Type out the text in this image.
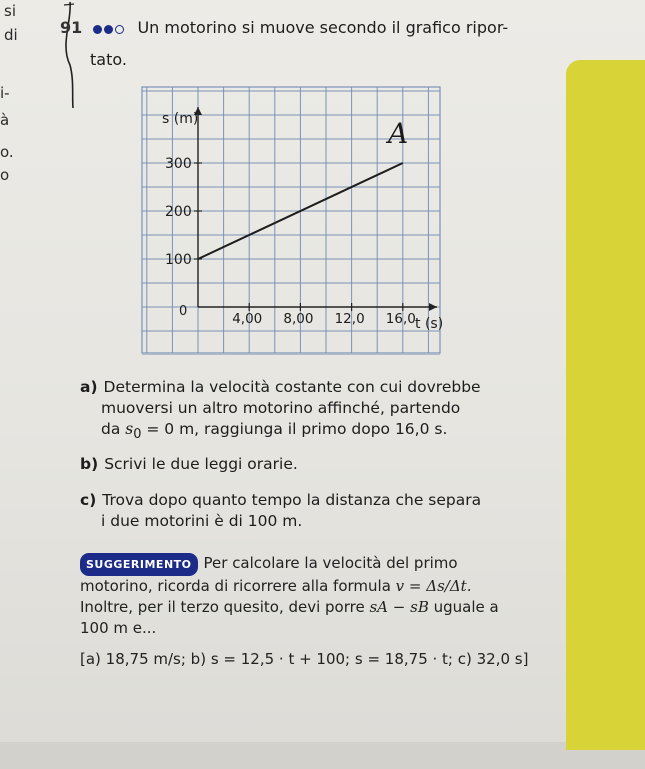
si
di
i-
à
o.
o
91	Un motorino si muove secondo il grafico ripor-
tato.
100
200
300
4,00 8,00 12,0 16,0
s (m)
t (s)
0
A
a) Determina la velocità costante con cui dovrebbe
muoversi un altro motorino affinché, partendo
da $s_0 = 0$ m, raggiunga il primo dopo 16,0 s.
b) Scrivi le due leggi orarie.
c) Trova dopo quanto tempo la distanza che separa
i due motorini è di 100 m.
SUGGERIMENTO Per calcolare la velocità del primo
motorino, ricorda di ricorrere alla formula v = Δs/Δt.
Inoltre, per il terzo quesito, devi porre sA − sB uguale a
100 m e...
[a) 18,75 m/s; b) s = 12,5 · t + 100; s = 18,75 · t; c) 32,0 s]
